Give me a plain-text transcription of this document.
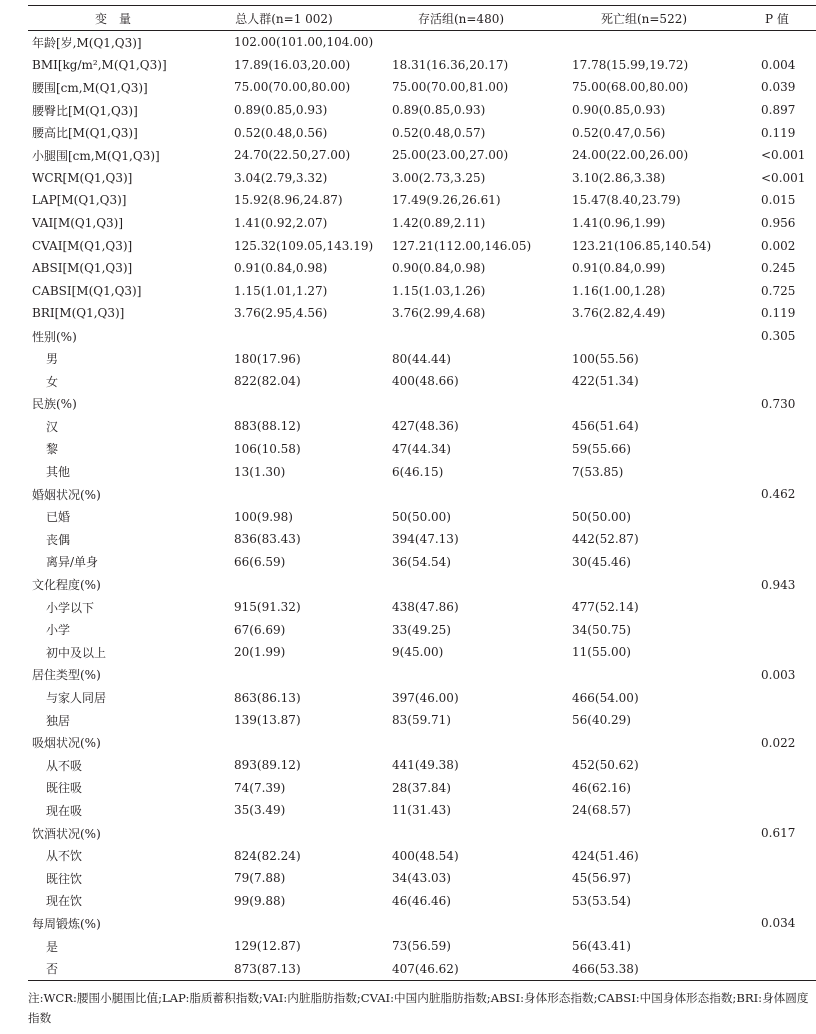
变　量	总人群(n=1 002)	存活组(n=480)	死亡组(n=522)	P 值
年龄[岁,M(Q1,Q3)]	102.00(101.00,104.00)			
BMI[kg/m²,M(Q1,Q3)]	17.89(16.03,20.00)	18.31(16.36,20.17)	17.78(15.99,19.72)	0.004
腰围[cm,M(Q1,Q3)]	75.00(70.00,80.00)	75.00(70.00,81.00)	75.00(68.00,80.00)	0.039
腰臀比[M(Q1,Q3)]	0.89(0.85,0.93)	0.89(0.85,0.93)	0.90(0.85,0.93)	0.897
腰高比[M(Q1,Q3)]	0.52(0.48,0.56)	0.52(0.48,0.57)	0.52(0.47,0.56)	0.119
小腿围[cm,M(Q1,Q3)]	24.70(22.50,27.00)	25.00(23.00,27.00)	24.00(22.00,26.00)	<0.001
WCR[M(Q1,Q3)]	3.04(2.79,3.32)	3.00(2.73,3.25)	3.10(2.86,3.38)	<0.001
LAP[M(Q1,Q3)]	15.92(8.96,24.87)	17.49(9.26,26.61)	15.47(8.40,23.79)	0.015
VAI[M(Q1,Q3)]	1.41(0.92,2.07)	1.42(0.89,2.11)	1.41(0.96,1.99)	0.956
CVAI[M(Q1,Q3)]	125.32(109.05,143.19)	127.21(112.00,146.05)	123.21(106.85,140.54)	0.002
ABSI[M(Q1,Q3)]	0.91(0.84,0.98)	0.90(0.84,0.98)	0.91(0.84,0.99)	0.245
CABSI[M(Q1,Q3)]	1.15(1.01,1.27)	1.15(1.03,1.26)	1.16(1.00,1.28)	0.725
BRI[M(Q1,Q3)]	3.76(2.95,4.56)	3.76(2.99,4.68)	3.76(2.82,4.49)	0.119
性别(%)				0.305
男	180(17.96)	80(44.44)	100(55.56)	
女	822(82.04)	400(48.66)	422(51.34)	
民族(%)				0.730
汉	883(88.12)	427(48.36)	456(51.64)	
黎	106(10.58)	47(44.34)	59(55.66)	
其他	13(1.30)	6(46.15)	7(53.85)	
婚姻状况(%)				0.462
已婚	100(9.98)	50(50.00)	50(50.00)	
丧偶	836(83.43)	394(47.13)	442(52.87)	
离异/单身	66(6.59)	36(54.54)	30(45.46)	
文化程度(%)				0.943
小学以下	915(91.32)	438(47.86)	477(52.14)	
小学	67(6.69)	33(49.25)	34(50.75)	
初中及以上	20(1.99)	9(45.00)	11(55.00)	
居住类型(%)				0.003
与家人同居	863(86.13)	397(46.00)	466(54.00)	
独居	139(13.87)	83(59.71)	56(40.29)	
吸烟状况(%)				0.022
从不吸	893(89.12)	441(49.38)	452(50.62)	
既往吸	74(7.39)	28(37.84)	46(62.16)	
现在吸	35(3.49)	11(31.43)	24(68.57)	
饮酒状况(%)				0.617
从不饮	824(82.24)	400(48.54)	424(51.46)	
既往饮	79(7.88)	34(43.03)	45(56.97)	
现在饮	99(9.88)	46(46.46)	53(53.54)	
每周锻炼(%)				0.034
是	129(12.87)	73(56.59)	56(43.41)	
否	873(87.13)	407(46.62)	466(53.38)	
注:WCR:腰围小腿围比值;LAP:脂质蓄积指数;VAI:内脏脂肪指数;CVAI:中国内脏脂肪指数;ABSI:身体形态指数;CABSI:中国身体形态指数;BRI:身体圆度指数
